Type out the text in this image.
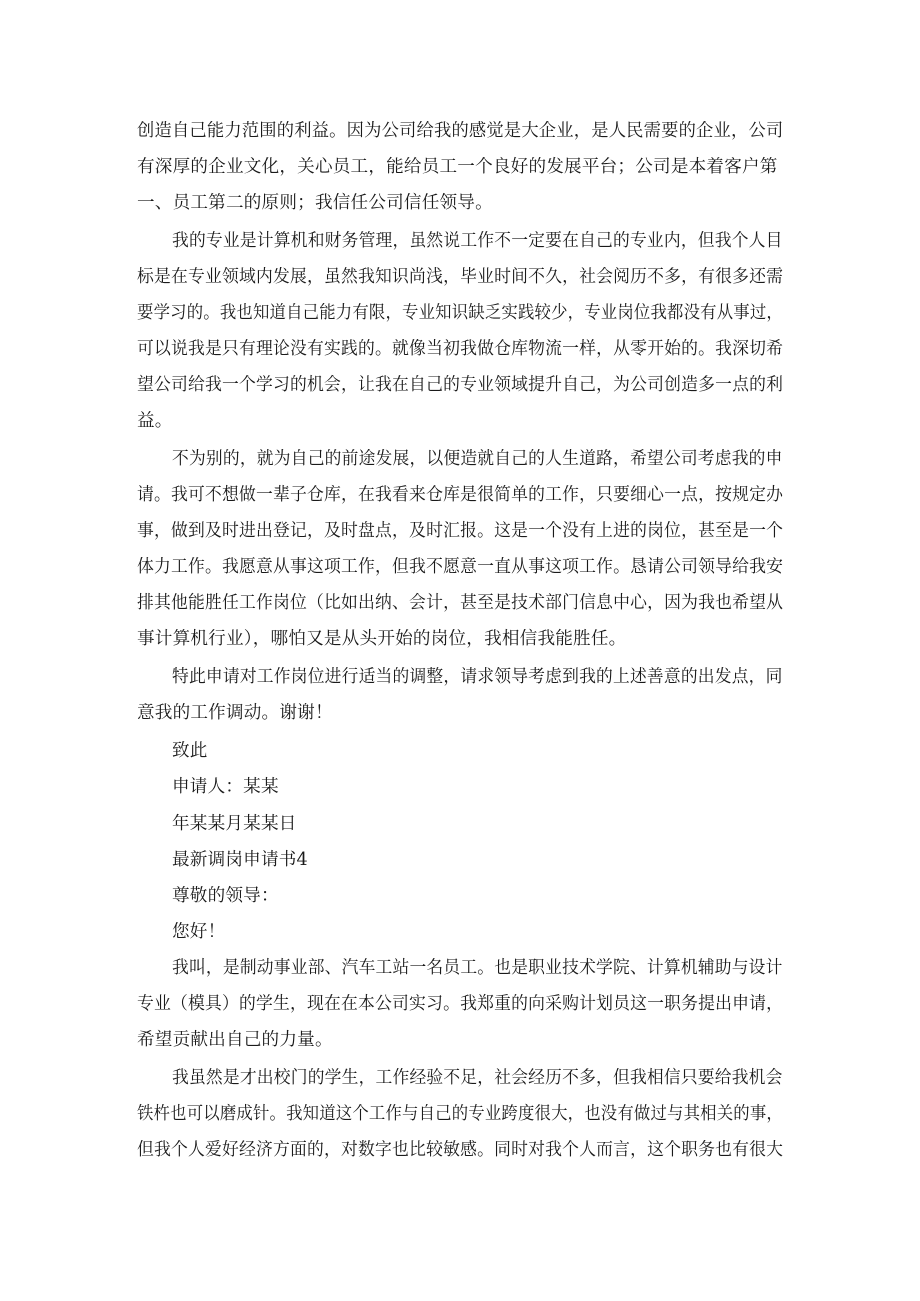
创造自己能力范围的利益。因为公司给我的感觉是大企业，是人民需要的企业，公司
有深厚的企业文化，关心员工，能给员工一个良好的发展平台；公司是本着客户第
一、员工第二的原则；我信任公司信任领导。
我的专业是计算机和财务管理，虽然说工作不一定要在自己的专业内，但我个人目
标是在专业领域内发展，虽然我知识尚浅，毕业时间不久，社会阅历不多，有很多还需
要学习的。我也知道自己能力有限，专业知识缺乏实践较少，专业岗位我都没有从事过，
可以说我是只有理论没有实践的。就像当初我做仓库物流一样，从零开始的。我深切希
望公司给我一个学习的机会，让我在自己的专业领域提升自己，为公司创造多一点的利
益。
不为别的，就为自己的前途发展，以便造就自己的人生道路，希望公司考虑我的申
请。我可不想做一辈子仓库，在我看来仓库是很简单的工作，只要细心一点，按规定办
事，做到及时进出登记，及时盘点，及时汇报。这是一个没有上进的岗位，甚至是一个
体力工作。我愿意从事这项工作，但我不愿意一直从事这项工作。恳请公司领导给我安
排其他能胜任工作岗位（比如出纳、会计，甚至是技术部门信息中心，因为我也希望从
事计算机行业），哪怕又是从头开始的岗位，我相信我能胜任。
特此申请对工作岗位进行适当的调整，请求领导考虑到我的上述善意的出发点，同
意我的工作调动。谢谢！
致此
申请人：某某
年某某月某某日
最新调岗申请书4
尊敬的领导：
您好！
我叫，是制动事业部、汽车工站一名员工。也是职业技术学院、计算机辅助与设计
专业（模具）的学生，现在在本公司实习。我郑重的向采购计划员这一职务提出申请，
希望贡献出自己的力量。
我虽然是才出校门的学生，工作经验不足，社会经历不多，但我相信只要给我机会
铁杵也可以磨成针。我知道这个工作与自己的专业跨度很大，也没有做过与其相关的事，
但我个人爱好经济方面的，对数字也比较敏感。同时对我个人而言，这个职务也有很大
